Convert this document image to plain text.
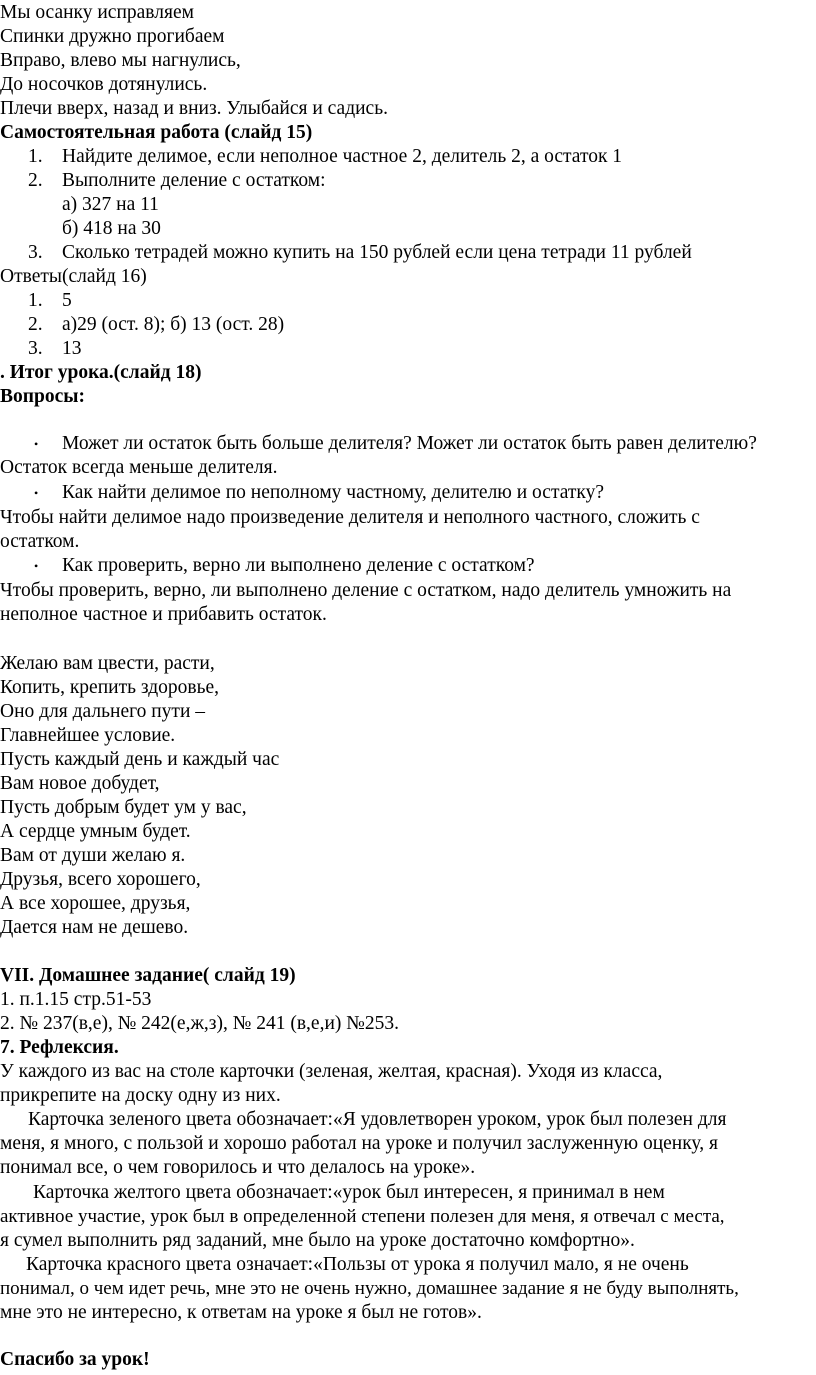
Мы осанку исправляем
Спинки дружно прогибаем
Вправо, влево мы нагнулись,
До носочков дотянулись.
Плечи вверх, назад и вниз. Улыбайся и садись.
Самостоятельная работа (слайд 15)
1. Найдите делимое, если неполное частное 2, делитель 2, а остаток 1
2. Выполните деление с остатком:
а) 327 на 11
б) 418 на 30
3. Сколько тетрадей можно купить на 150 рублей если цена тетради 11 рублей
Ответы(слайд 16)
1. 5
2. а)29 (ост. 8); б) 13 (ост. 28)
3. 13
. Итог урока.(слайд 18)
Вопросы:
• Может ли остаток быть больше делителя? Может ли остаток быть равен делителю?
Остаток всегда меньше делителя.
• Как найти делимое по неполному частному, делителю и остатку?
Чтобы найти делимое надо произведение делителя и неполного частного, сложить с
остатком.
• Как проверить, верно ли выполнено деление с остатком?
Чтобы проверить, верно, ли выполнено деление с остатком, надо делитель умножить на
неполное частное и прибавить остаток.
Желаю вам цвести, расти,
Копить, крепить здоровье,
Оно для дальнего пути –
Главнейшее условие.
Пусть каждый день и каждый час
Вам новое добудет,
Пусть добрым будет ум у вас,
А сердце умным будет.
Вам от души желаю я.
Друзья, всего хорошего,
А все хорошее, друзья,
Дается нам не дешево.
VII. Домашнее задание( слайд 19)
1. п.1.15 стр.51-53
2. № 237(в,е), № 242(е,ж,з), № 241 (в,е,и) №253.
7. Рефлексия.
У каждого из вас на столе карточки (зеленая, желтая, красная). Уходя из класса,
прикрепите на доску одну из них.
Карточка зеленого цвета обозначает:«Я удовлетворен уроком, урок был полезен для
меня, я много, с пользой и хорошо работал на уроке и получил заслуженную оценку, я
понимал все, о чем говорилось и что делалось на уроке».
Карточка желтого цвета обозначает:«урок был интересен, я принимал в нем
активное участие, урок был в определенной степени полезен для меня, я отвечал с места,
я сумел выполнить ряд заданий, мне было на уроке достаточно комфортно».
Карточка красного цвета означает:«Пользы от урока я получил мало, я не очень
понимал, о чем идет речь, мне это не очень нужно, домашнее задание я не буду выполнять,
мне это не интересно, к ответам на уроке я был не готов».
Спасибо за урок!
